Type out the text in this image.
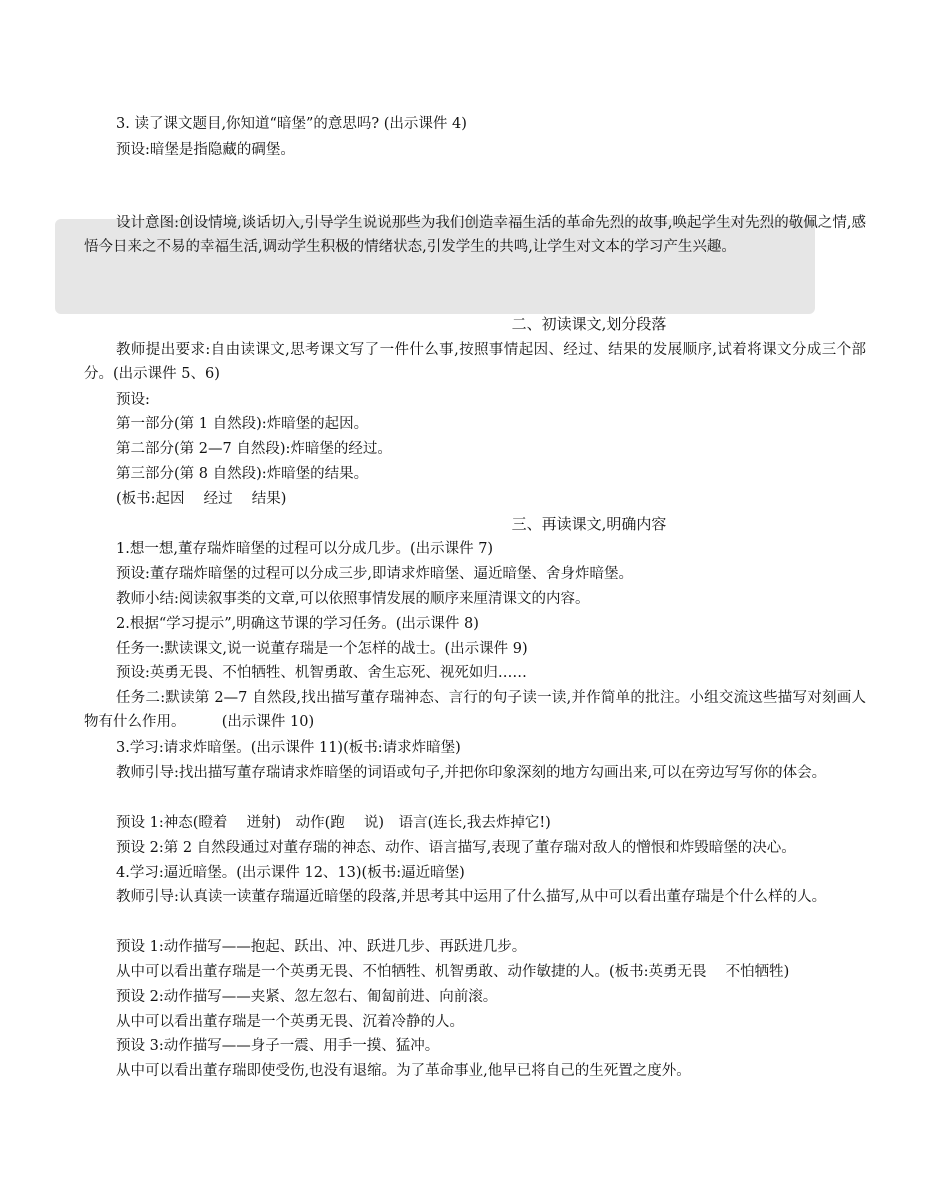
3. 读了课文题目,你知道“暗堡”的意思吗? (出示课件 4)

预设:暗堡是指隐藏的碉堡。

设计意图:创设情境,谈话切入,引导学生说说那些为我们创造幸福生活的革命先烈的故事,唤起学生对先烈的敬佩之情,感悟今日来之不易的幸福生活,调动学生积极的情绪状态,引发学生的共鸣,让学生对文本的学习产生兴趣。

二、初读课文,划分段落

教师提出要求:自由读课文,思考课文写了一件什么事,按照事情起因、经过、结果的发展顺序,试着将课文分成三个部分。(出示课件 5、6)

预设:

第一部分(第 1 自然段):炸暗堡的起因。

第二部分(第 2—7 自然段):炸暗堡的经过。

第三部分(第 8 自然段):炸暗堡的结果。

(板书:起因　 经过　 结果)

三、再读课文,明确内容

1.想一想,董存瑞炸暗堡的过程可以分成几步。(出示课件 7)

预设:董存瑞炸暗堡的过程可以分成三步,即请求炸暗堡、逼近暗堡、舍身炸暗堡。

教师小结:阅读叙事类的文章,可以依照事情发展的顺序来厘清课文的内容。

2.根据“学习提示”,明确这节课的学习任务。(出示课件 8)

任务一:默读课文,说一说董存瑞是一个怎样的战士。(出示课件 9)

预设:英勇无畏、不怕牺牲、机智勇敢、舍生忘死、视死如归……

任务二:默读第 2—7 自然段,找出描写董存瑞神态、言行的句子读一读,并作简单的批注。小组交流这些描写对刻画人物有什么作用。　　　(出示课件 10)

3.学习:请求炸暗堡。(出示课件 11)(板书:请求炸暗堡)

教师引导:找出描写董存瑞请求炸暗堡的词语或句子,并把你印象深刻的地方勾画出来,可以在旁边写写你的体会。

预设 1:神态(瞪着　 迸射)　动作(跑　 说)　语言(连长,我去炸掉它!)

预设 2:第 2 自然段通过对董存瑞的神态、动作、语言描写,表现了董存瑞对敌人的憎恨和炸毁暗堡的决心。

4.学习:逼近暗堡。(出示课件 12、13)(板书:逼近暗堡)

教师引导:认真读一读董存瑞逼近暗堡的段落,并思考其中运用了什么描写,从中可以看出董存瑞是个什么样的人。

预设 1:动作描写——抱起、跃出、冲、跃进几步、再跃进几步。

从中可以看出董存瑞是一个英勇无畏、不怕牺牲、机智勇敢、动作敏捷的人。(板书:英勇无畏　 不怕牺牲)

预设 2:动作描写——夹紧、忽左忽右、匍匐前进、向前滚。

从中可以看出董存瑞是一个英勇无畏、沉着冷静的人。

预设 3:动作描写——身子一震、用手一摸、猛冲。

从中可以看出董存瑞即使受伤,也没有退缩。为了革命事业,他早已将自己的生死置之度外。
